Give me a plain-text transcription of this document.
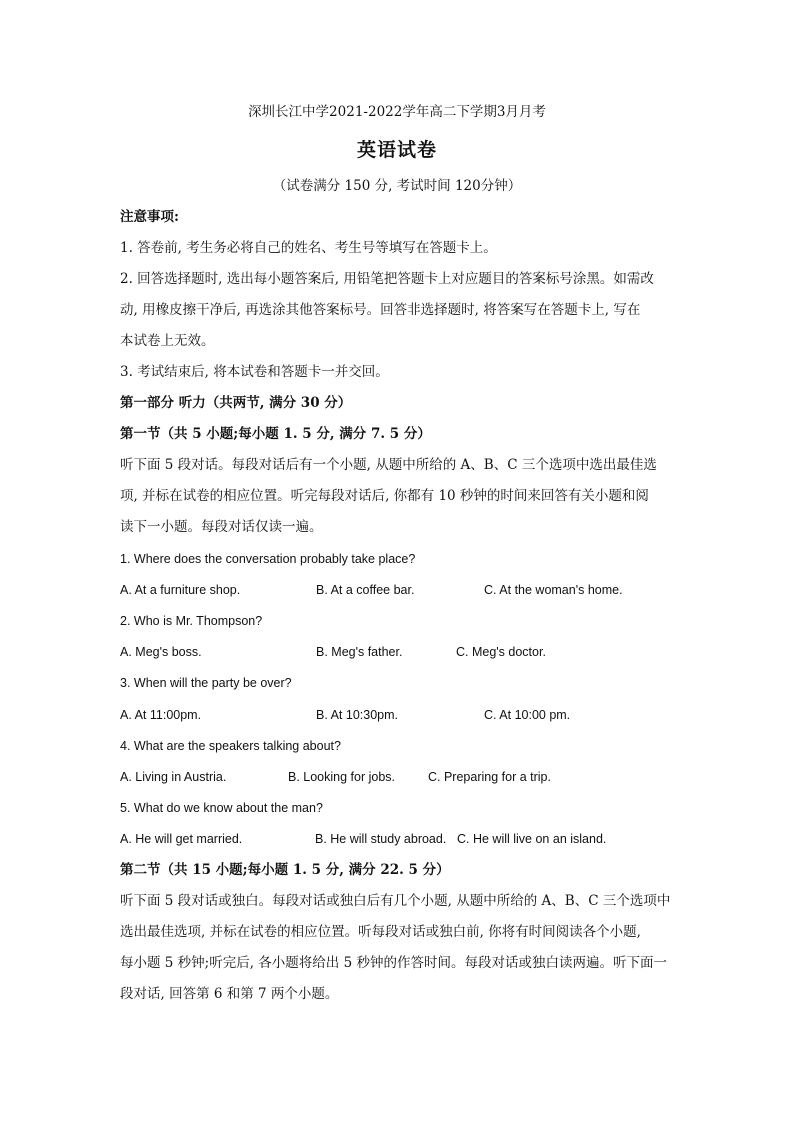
深圳长江中学2021-2022学年高二下学期3月月考
英语试卷
（试卷满分 150 分, 考试时间 120分钟）
注意事项:
1. 答卷前, 考生务必将自己的姓名、考生号等填写在答题卡上。
2. 回答选择题时, 选出每小题答案后, 用铅笔把答题卡上对应题目的答案标号涂黑。如需改
动, 用橡皮擦干净后, 再选涂其他答案标号。回答非选择题时, 将答案写在答题卡上, 写在
本试卷上无效。
3. 考试结束后, 将本试卷和答题卡一并交回。
第一部分 听力（共两节, 满分 30 分）
第一节（共 5 小题;每小题 1. 5 分, 满分 7. 5 分）
听下面 5 段对话。每段对话后有一个小题, 从题中所给的 A、B、C 三个选项中选出最佳选
项, 并标在试卷的相应位置。听完每段对话后, 你都有 10 秒钟的时间来回答有关小题和阅
读下一小题。每段对话仅读一遍。
1. Where does the conversation probably take place?
A. At a furniture shop.	B. At a coffee bar.	C. At the woman's home.
2. Who is Mr. Thompson?
A. Meg's boss.	B. Meg's father.	C. Meg's doctor.
3. When will the party be over?
A. At 11:00pm.	B. At 10:30pm.	C. At 10:00 pm.
4. What are the speakers talking about?
A. Living in Austria.	B. Looking for jobs.	C. Preparing for a trip.
5. What do we know about the man?
A. He will get married.	B. He will study abroad. C. He will live on an island.
第二节（共 15 小题;每小题 1. 5 分, 满分 22. 5 分）
听下面 5 段对话或独白。每段对话或独白后有几个小题, 从题中所给的 A、B、C 三个选项中
选出最佳选项, 并标在试卷的相应位置。听每段对话或独白前, 你将有时间阅读各个小题,
每小题 5 秒钟;听完后, 各小题将给出 5 秒钟的作答时间。每段对话或独白读两遍。听下面一
段对话, 回答第 6 和第 7 两个小题。
